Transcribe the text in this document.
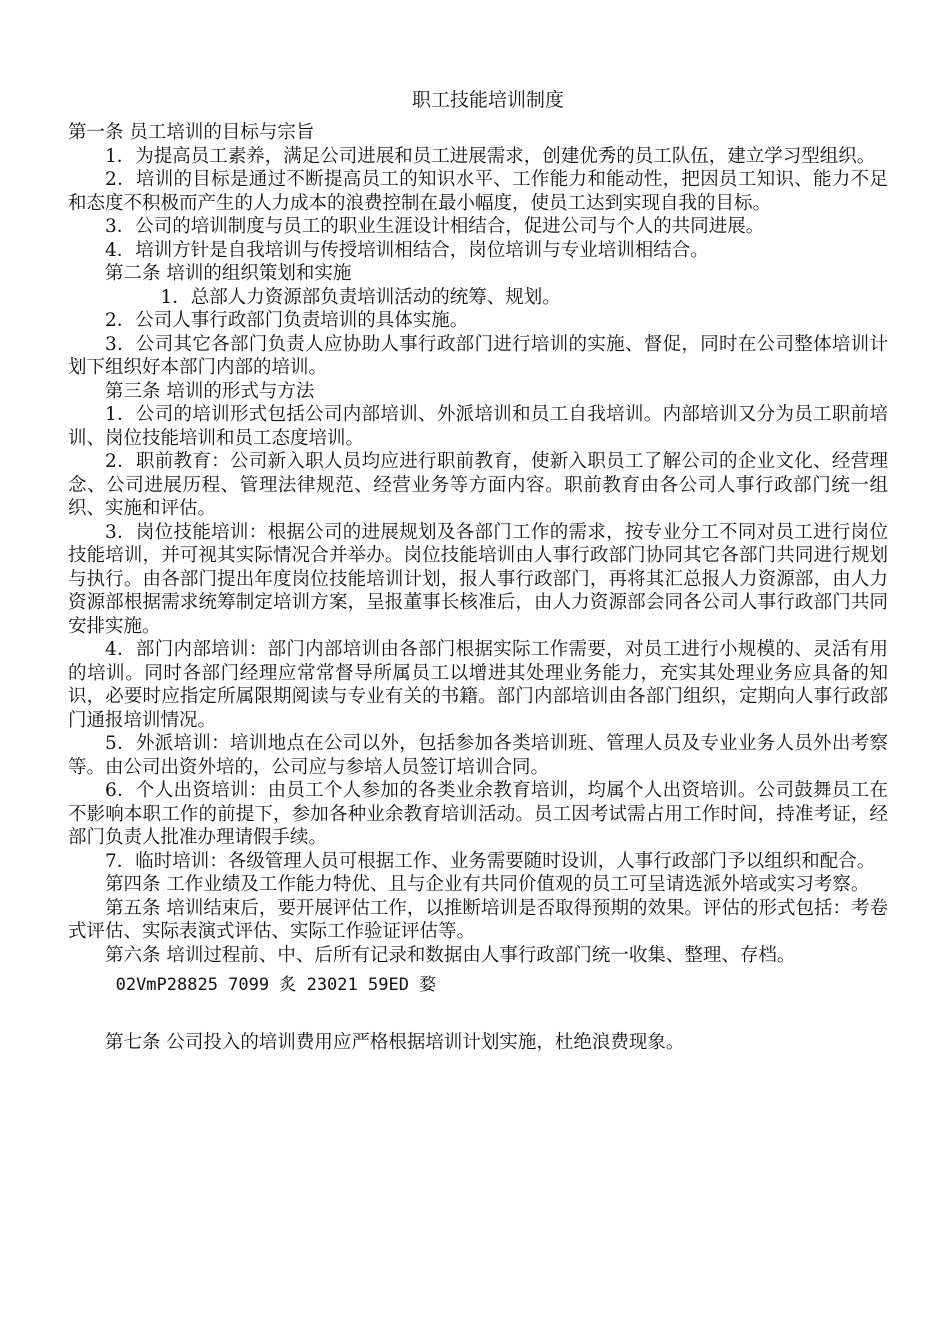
职工技能培训制度

第一条 员工培训的目标与宗旨

1．为提高员工素养，满足公司进展和员工进展需求，创建优秀的员工队伍，建立学习型组织。

2．培训的目标是通过不断提高员工的知识水平、工作能力和能动性，把因员工知识、能力不足和态度不积极而产生的人力成本的浪费控制在最小幅度，使员工达到实现自我的目标。

3．公司的培训制度与员工的职业生涯设计相结合，促进公司与个人的共同进展。

4．培训方针是自我培训与传授培训相结合，岗位培训与专业培训相结合。

第二条 培训的组织策划和实施

1．总部人力资源部负责培训活动的统筹、规划。

2．公司人事行政部门负责培训的具体实施。

3．公司其它各部门负责人应协助人事行政部门进行培训的实施、督促，同时在公司整体培训计划下组织好本部门内部的培训。

第三条 培训的形式与方法

1．公司的培训形式包括公司内部培训、外派培训和员工自我培训。内部培训又分为员工职前培训、岗位技能培训和员工态度培训。

2．职前教育：公司新入职人员均应进行职前教育，使新入职员工了解公司的企业文化、经营理念、公司进展历程、管理法律规范、经营业务等方面内容。职前教育由各公司人事行政部门统一组织、实施和评估。

3．岗位技能培训：根据公司的进展规划及各部门工作的需求，按专业分工不同对员工进行岗位技能培训，并可视其实际情况合并举办。岗位技能培训由人事行政部门协同其它各部门共同进行规划与执行。由各部门提出年度岗位技能培训计划，报人事行政部门，再将其汇总报人力资源部，由人力资源部根据需求统筹制定培训方案，呈报董事长核准后，由人力资源部会同各公司人事行政部门共同安排实施。

4．部门内部培训：部门内部培训由各部门根据实际工作需要，对员工进行小规模的、灵活有用的培训。同时各部门经理应常常督导所属员工以增进其处理业务能力，充实其处理业务应具备的知识，必要时应指定所属限期阅读与专业有关的书籍。部门内部培训由各部门组织，定期向人事行政部门通报培训情况。

5．外派培训：培训地点在公司以外，包括参加各类培训班、管理人员及专业业务人员外出考察等。由公司出资外培的，公司应与参培人员签订培训合同。

6．个人出资培训：由员工个人参加的各类业余教育培训，均属个人出资培训。公司鼓舞员工在不影响本职工作的前提下，参加各种业余教育培训活动。员工因考试需占用工作时间，持准考证，经部门负责人批准办理请假手续。

7．临时培训：各级管理人员可根据工作、业务需要随时设训，人事行政部门予以组织和配合。

第四条 工作业绩及工作能力特优、且与企业有共同价值观的员工可呈请选派外培或实习考察。

第五条 培训结束后，要开展评估工作，以推断培训是否取得预期的效果。评估的形式包括：考卷式评估、实际表演式评估、实际工作验证评估等。

第六条 培训过程前、中、后所有记录和数据由人事行政部门统一收集、整理、存档。

02VmP28825 7099 炙 23021 59ED 婺

第七条 公司投入的培训费用应严格根据培训计划实施，杜绝浪费现象。
